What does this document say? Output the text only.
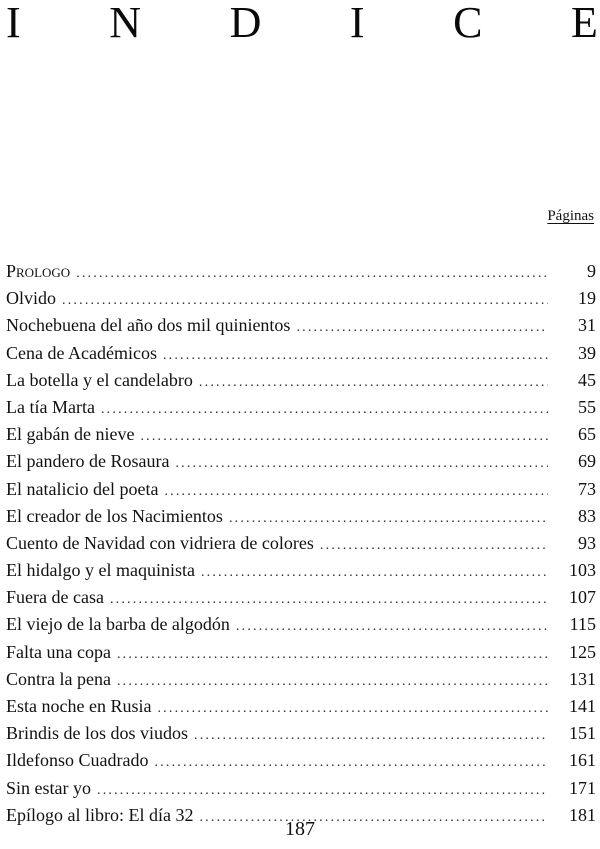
I N D I C E
Páginas
Prologo .....	9
Olvido .....	19
Nochebuena del año dos mil quinientos .....	31
Cena de Académicos .....	39
La botella y el candelabro .....	45
La tía Marta .....	55
El gabán de nieve .....	65
El pandero de Rosaura .....	69
El natalicio del poeta .....	73
El creador de los Nacimientos .....	83
Cuento de Navidad con vidriera de colores .....	93
El hidalgo y el maquinista .....	103
Fuera de casa .....	107
El viejo de la barba de algodón .....	115
Falta una copa .....	125
Contra la pena .....	131
Esta noche en Rusia .....	141
Brindis de los dos viudos .....	151
Ildefonso Cuadrado .....	161
Sin estar yo .....	171
Epílogo al libro: El día 32 .....	181
187
